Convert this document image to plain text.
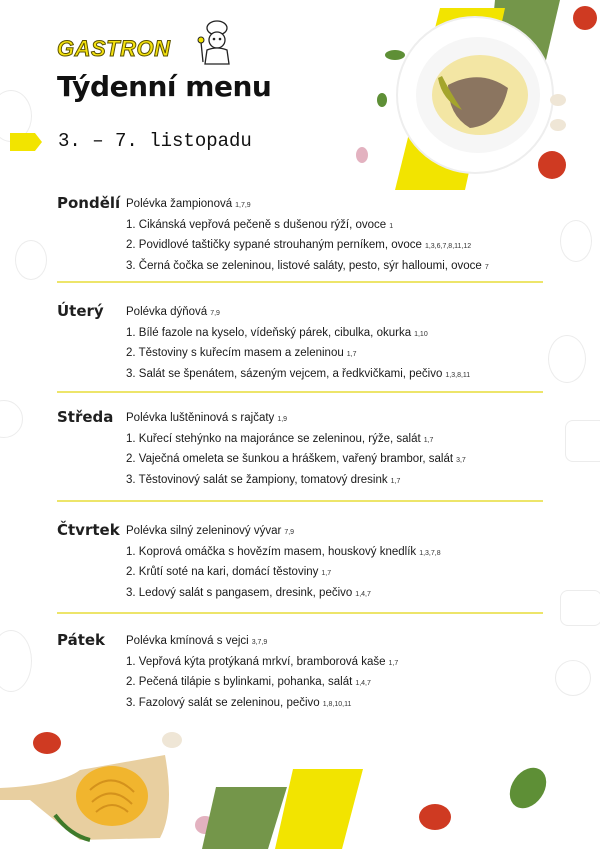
GASTRON
Týdenní menu
3. – 7. listopadu
Pondělí Polévka žampionová 1,7,9
1. Cikánská vepřová pečeně s dušenou rýží, ovoce 1
2. Povidlové taštičky sypané strouhaným perníkem, ovoce 1,3,6,7,8,11,12
3. Černá čočka se zeleninou, listové saláty, pesto, sýr halloumi, ovoce 7
Úterý Polévka dýňová 7,9
1. Bílé fazole na kyselo, vídeňský párek, cibulka, okurka 1,10
2. Těstoviny s kuřecím masem a zeleninou 1,7
3. Salát se špenátem, sázeným vejcem, a ředkvičkami, pečivo 1,3,8,11
Středa Polévka luštěninová s rajčaty 1,9
1. Kuřecí stehýnko na majoránce se zeleninou, rýže, salát 1,7
2. Vaječná omeleta se šunkou a hráškem, vařený brambor, salát 3,7
3. Těstovinový salát se žampiony, tomatový dresink 1,7
Čtvrtek Polévka silný zeleninový vývar 7,9
1. Koprová omáčka s hovězím masem, houskový knedlík 1,3,7,8
2. Krůtí soté na kari, domácí těstoviny 1,7
3. Ledový salát s pangasem, dresink, pečivo 1,4,7
Pátek Polévka kmínová s vejci 3,7,9
1. Vepřová kýta protýkaná mrkví, bramborová kaše 1,7
2. Pečená tilápie s bylinkami, pohanka, salát 1,4,7
3. Fazolový salát se zeleninou, pečivo 1,8,10,11
